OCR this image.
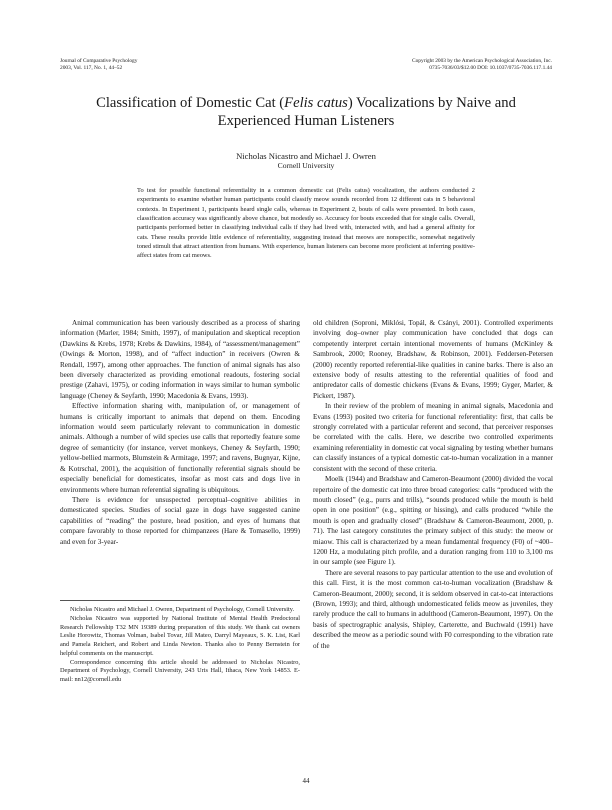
Journal of Comparative Psychology
2003, Vol. 117, No. 1, 44–52
Copyright 2003 by the American Psychological Association, Inc.
0735-7036/03/$12.00 DOI: 10.1037/0735-7036.117.1.44
Classification of Domestic Cat (Felis catus) Vocalizations by Naive and Experienced Human Listeners
Nicholas Nicastro and Michael J. Owren
Cornell University

To test for possible functional referentiality in a common domestic cat (Felis catus) vocalization, the authors conducted 2 experiments to examine whether human participants could classify meow sounds recorded from 12 different cats in 5 behavioral contexts. In Experiment 1, participants heard single calls, whereas in Experiment 2, bouts of calls were presented. In both cases, classification accuracy was significantly above chance, but modestly so. Accuracy for bouts exceeded that for single calls. Overall, participants performed better in classifying individual calls if they had lived with, interacted with, and had a general affinity for cats. These results provide little evidence of referentiality, suggesting instead that meows are nonspecific, somewhat negatively toned stimuli that attract attention from humans. With experience, human listeners can become more proficient at inferring positive-affect states from cat meows.

Animal communication has been variously described as a process of sharing information (Marler, 1984; Smith, 1997), of manipulation and skeptical reception (Dawkins & Krebs, 1978; Krebs & Dawkins, 1984), of “assessment/management” (Owings & Morton, 1998), and of “affect induction” in receivers (Owren & Rendall, 1997), among other approaches. The function of animal signals has also been diversely characterized as providing emotional readouts, fostering social prestige (Zahavi, 1975), or coding information in ways similar to human symbolic language (Cheney & Seyfarth, 1990; Macedonia & Evans, 1993).

Effective information sharing with, manipulation of, or management of humans is critically important to animals that depend on them. Encoding information would seem particularly relevant to communication in domestic animals. Although a number of wild species use calls that reportedly feature some degree of semanticity (for instance, vervet monkeys, Cheney & Seyfarth, 1990; yellow-bellied marmots, Blumstein & Armitage, 1997; and ravens, Bugnyar, Kijne, & Kotrschal, 2001), the acquisition of functionally referential signals should be especially beneficial for domesticates, insofar as most cats and dogs live in environments where human referential signaling is ubiquitous.

There is evidence for unsuspected perceptual–cognitive abilities in domesticated species. Studies of social gaze in dogs have suggested canine capabilities of “reading” the posture, head position, and eyes of humans that compare favorably to those reported for chimpanzees (Hare & Tomasello, 1999) and even for 3-year-

old children (Soproni, Miklósi, Topál, & Csányi, 2001). Controlled experiments involving dog–owner play communication have concluded that dogs can competently interpret certain intentional movements of humans (McKinley & Sambrook, 2000; Rooney, Bradshaw, & Robinson, 2001). Feddersen-Petersen (2000) recently reported referential-like qualities in canine barks. There is also an extensive body of results attesting to the referential qualities of food and antipredator calls of domestic chickens (Evans & Evans, 1999; Gyger, Marler, & Pickert, 1987).

In their review of the problem of meaning in animal signals, Macedonia and Evans (1993) posited two criteria for functional referentiality: first, that calls be strongly correlated with a particular referent and second, that perceiver responses be correlated with the calls. Here, we describe two controlled experiments examining referentiality in domestic cat vocal signaling by testing whether humans can classify instances of a typical domestic cat-to-human vocalization in a manner consistent with the second of these criteria.

Moelk (1944) and Bradshaw and Cameron-Beaumont (2000) divided the vocal repertoire of the domestic cat into three broad categories: calls “produced with the mouth closed” (e.g., purrs and trills), “sounds produced while the mouth is held open in one position” (e.g., spitting or hissing), and calls produced “while the mouth is open and gradually closed” (Bradshaw & Cameron-Beaumont, 2000, p. 71). The last category constitutes the primary subject of this study: the meow or miaow. This call is characterized by a mean fundamental frequency (F0) of ~400–1200 Hz, a modulating pitch profile, and a duration ranging from 110 to 3,100 ms in our sample (see Figure 1).

There are several reasons to pay particular attention to the use and evolution of this call. First, it is the most common cat-to-human vocalization (Bradshaw & Cameron-Beaumont, 2000); second, it is seldom observed in cat-to-cat interactions (Brown, 1993); and third, although undomesticated felids meow as juveniles, they rarely produce the call to humans in adulthood (Cameron-Beaumont, 1997). On the basis of spectrographic analysis, Shipley, Carterette, and Buchwald (1991) have described the meow as a periodic sound with F0 corresponding to the vibration rate of the

Nicholas Nicastro and Michael J. Owren, Department of Psychology, Cornell University.

Nicholas Nicastro was supported by National Institute of Mental Health Predoctoral Research Fellowship T32 MN 19389 during preparation of this study. We thank cat owners Leslie Horowitz, Thomas Volman, Isabel Tovar, Jill Mateo, Darryl Mayeaux, S. K. List, Karl and Pamela Reichert, and Robert and Linda Newton. Thanks also to Penny Bernstein for helpful comments on the manuscript.

Correspondence concerning this article should be addressed to Nicholas Nicastro, Department of Psychology, Cornell University, 243 Uris Hall, Ithaca, New York 14853. E-mail: nn12@cornell.edu

44
